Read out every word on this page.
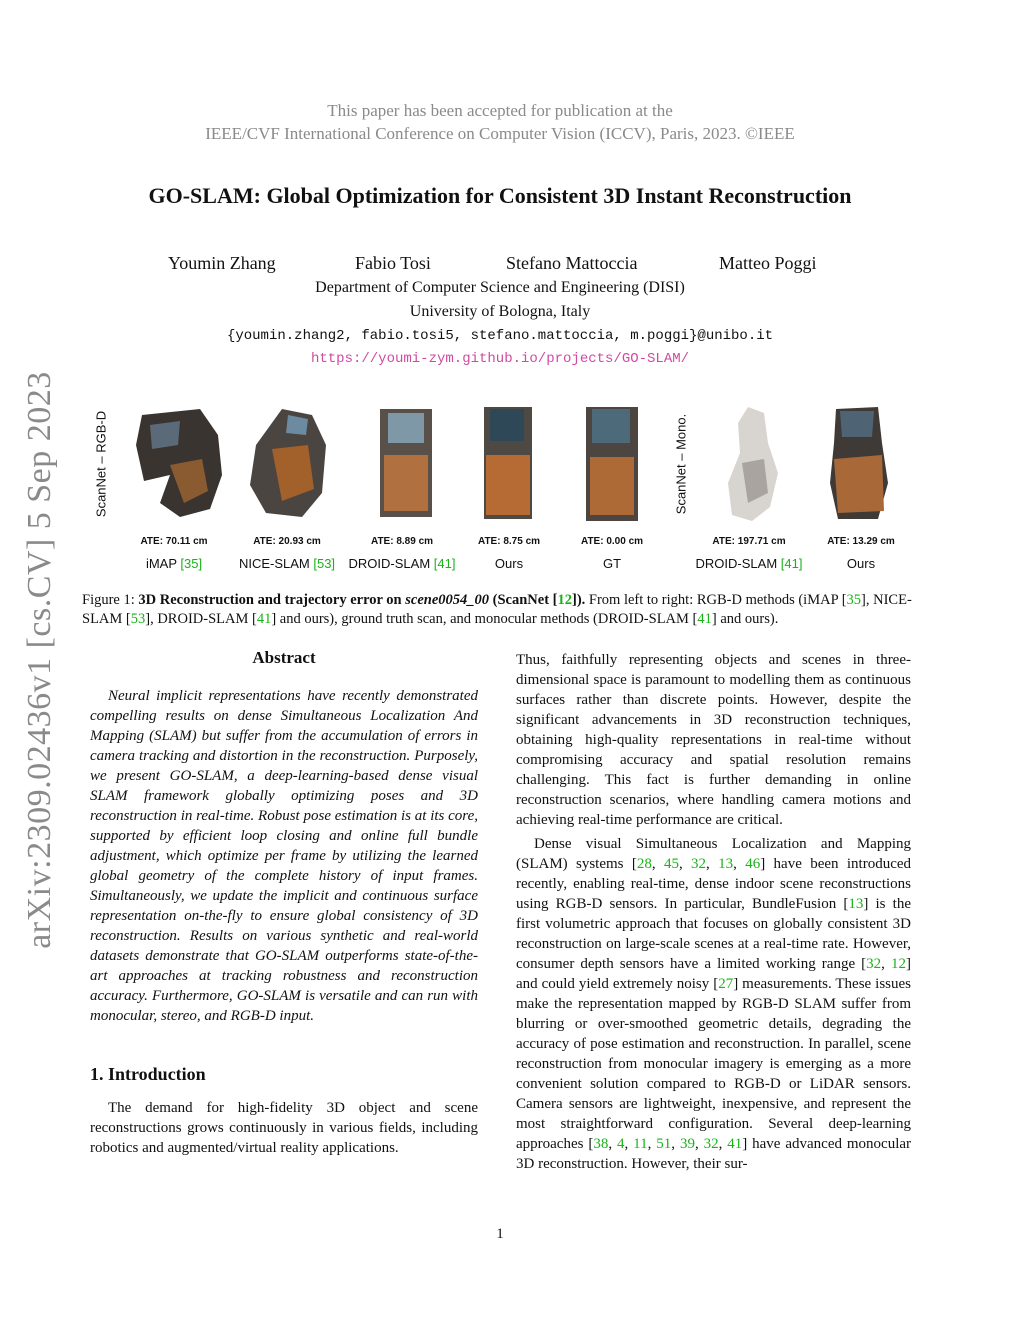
This paper has been accepted for publication at the
IEEE/CVF International Conference on Computer Vision (ICCV), Paris, 2023. ©IEEE
GO-SLAM: Global Optimization for Consistent 3D Instant Reconstruction
Youmin Zhang	Fabio Tosi	Stefano Mattoccia	Matteo Poggi
Department of Computer Science and Engineering (DISI)
University of Bologna, Italy
{youmin.zhang2, fabio.tosi5, stefano.mattoccia, m.poggi}@unibo.it
https://youmi-zym.github.io/projects/GO-SLAM/
arXiv:2309.02436v1 [cs.CV] 5 Sep 2023	ScanNet – RGB-D	ScanNet – Mono.
ATE: 70.11 cm	ATE: 20.93 cm	ATE: 8.89 cm	ATE: 8.75 cm	ATE: 0.00 cm	ATE: 197.71 cm	ATE: 13.29 cm
iMAP [35]	NICE-SLAM [53]	DROID-SLAM [41]	Ours	GT	DROID-SLAM [41]	Ours
Figure 1: 3D Reconstruction and trajectory error on scene0054_00 (ScanNet [12]). From left to right: RGB-D methods (iMAP [35], NICE-SLAM [53], DROID-SLAM [41] and ours), ground truth scan, and monocular methods (DROID-SLAM [41] and ours).
Abstract

Neural implicit representations have recently demonstrated compelling results on dense Simultaneous Localization And Mapping (SLAM) but suffer from the accumulation of errors in camera tracking and distortion in the reconstruction. Purposely, we present GO-SLAM, a deep-learning-based dense visual SLAM framework globally optimizing poses and 3D reconstruction in real-time. Robust pose estimation is at its core, supported by efficient loop closing and online full bundle adjustment, which optimize per frame by utilizing the learned global geometry of the complete history of input frames. Simultaneously, we update the implicit and continuous surface representation on-the-fly to ensure global consistency of 3D reconstruction. Results on various synthetic and real-world datasets demonstrate that GO-SLAM outperforms state-of-the-art approaches at tracking robustness and reconstruction accuracy. Furthermore, GO-SLAM is versatile and can run with monocular, stereo, and RGB-D input.

1. Introduction

The demand for high-fidelity 3D object and scene reconstructions grows continuously in various fields, including robotics and augmented/virtual reality applications.

Thus, faithfully representing objects and scenes in three-dimensional space is paramount to modelling them as continuous surfaces rather than discrete points. However, despite the significant advancements in 3D reconstruction techniques, obtaining high-quality representations in real-time without compromising accuracy and spatial resolution remains challenging. This fact is further demanding in online reconstruction scenarios, where handling camera motions and achieving real-time performance are critical.

Dense visual Simultaneous Localization and Mapping (SLAM) systems [28, 45, 32, 13, 46] have been introduced recently, enabling real-time, dense indoor scene reconstructions using RGB-D sensors. In particular, BundleFusion [13] is the first volumetric approach that focuses on globally consistent 3D reconstruction on large-scale scenes at a real-time rate. However, consumer depth sensors have a limited working range [32, 12] and could yield extremely noisy [27] measurements. These issues make the representation mapped by RGB-D SLAM suffer from blurring or over-smoothed geometric details, degrading the accuracy of pose estimation and reconstruction. In parallel, scene reconstruction from monocular imagery is emerging as a more convenient solution compared to RGB-D or LiDAR sensors. Camera sensors are lightweight, inexpensive, and represent the most straightforward configuration. Several deep-learning approaches [38, 4, 11, 51, 39, 32, 41] have advanced monocular 3D reconstruction. However, their sur-

1
